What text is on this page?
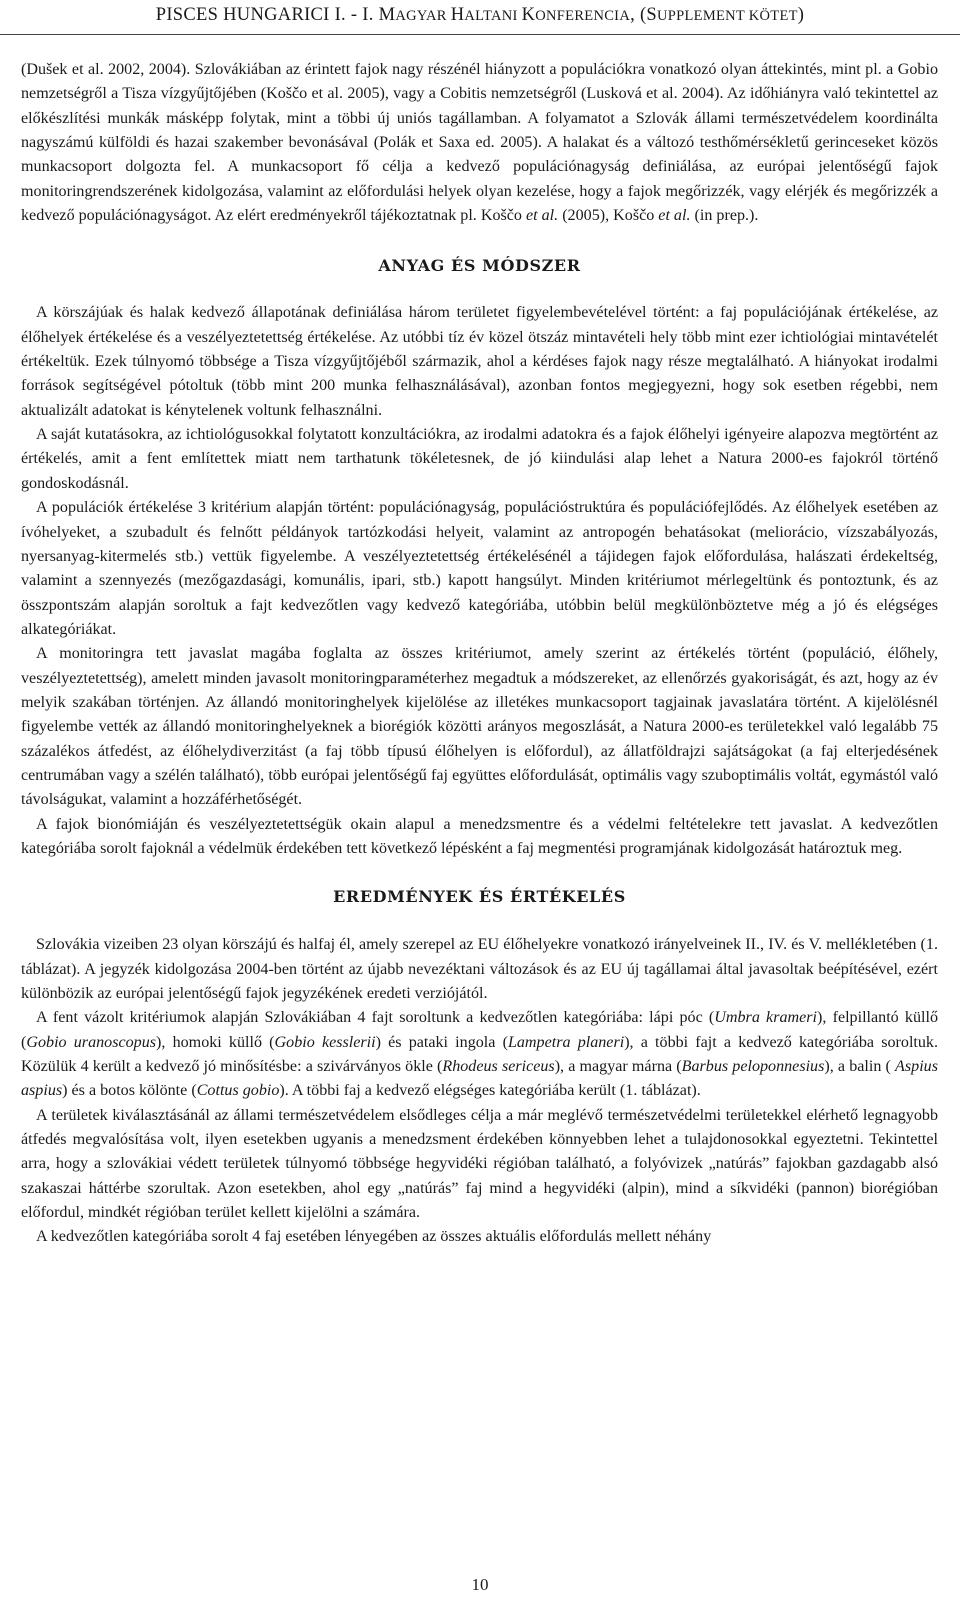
PISCES HUNGARICI I. - I. MAGYAR HALTANI KONFERENCIA, (SUPPLEMENT KÖTET)

(Dušek et al. 2002, 2004). Szlovákiában az érintett fajok nagy részénél hiányzott a populációkra vonatkozó olyan áttekintés, mint pl. a Gobio nemzetségről a Tisza vízgyűjtőjében (Koščo et al. 2005), vagy a Cobitis nemzetségről (Lusková et al. 2004). Az időhiányra való tekintettel az előkészlítési munkák másképp folytak, mint a többi új uniós tagállamban. A folyamatot a Szlovák állami természetvédelem koordinálta nagyszámú külföldi és hazai szakember bevonásával (Polák et Saxa ed. 2005). A halakat és a változó testhőmérsékletű gerinceseket közös munkacsoport dolgozta fel. A munkacsoport fő célja a kedvező populációnagyság definiálása, az európai jelentőségű fajok monitoringrendszerének kidolgozása, valamint az előfordulási helyek olyan kezelése, hogy a fajok megőrizzék, vagy elérjék és megőrizzék a kedvező populációnagyságot. Az elért eredményekről tájékoztatnak pl. Koščo et al. (2005), Koščo et al. (in prep.).

ANYAG ÉS MÓDSZER

A körszájúak és halak kedvező állapotának definiálása három területet figyelembevételével történt: a faj populációjának értékelése, az élőhelyek értékelése és a veszélyeztetettség értékelése. Az utóbbi tíz év közel ötszáz mintavételi hely több mint ezer ichtiológiai mintavételét értékeltük. Ezek túlnyomó többsége a Tisza vízgyűjtőjéből származik, ahol a kérdéses fajok nagy része megtalálható. A hiányokat irodalmi források segítségével pótoltuk (több mint 200 munka felhasználásával), azonban fontos megjegyezni, hogy sok esetben régebbi, nem aktualizált adatokat is kénytelenek voltunk felhasználni.

A saját kutatásokra, az ichtiológusokkal folytatott konzultációkra, az irodalmi adatokra és a fajok élőhelyi igényeire alapozva megtörtént az értékelés, amit a fent említettek miatt nem tarthatunk tökéletesnek, de jó kiindulási alap lehet a Natura 2000-es fajokról történő gondoskodásnál.

A populációk értékelése 3 kritérium alapján történt: populációnagyság, populációstruktúra és populációfejlődés. Az élőhelyek esetében az ívóhelyeket, a szubadult és felnőtt példányok tartózkodási helyeit, valamint az antropogén behatásokat (meliorácio, vízszabályozás, nyersanyag-kitermelés stb.) vettük figyelembe. A veszélyeztetettség értékelésénél a tájidegen fajok előfordulása, halászati érdekeltség, valamint a szennyezés (mezőgazdasági, komunális, ipari, stb.) kapott hangsúlyt. Minden kritériumot mérlegeltünk és pontoztunk, és az összpontszám alapján soroltuk a fajt kedvezőtlen vagy kedvező kategóriába, utóbbin belül megkülönböztetve még a jó és elégséges alkategóriákat.

A monitoringra tett javaslat magába foglalta az összes kritériumot, amely szerint az értékelés történt (populáció, élőhely, veszélyeztetettség), amelett minden javasolt monitoringparaméterhez megadtuk a módszereket, az ellenőrzés gyakoriságát, és azt, hogy az év melyik szakában történjen. Az állandó monitoringhelyek kijelölése az illetékes munkacsoport tagjainak javaslatára történt. A kijelölésnél figyelembe vették az állandó monitoringhelyeknek a biorégiók közötti arányos megoszlását, a Natura 2000-es területekkel való legalább 75 százalékos átfedést, az élőhelydiverzitást (a faj több típusú élőhelyen is előfordul), az állatföldrajzi sajátságokat (a faj elterjedésének centrumában vagy a szélén található), több európai jelentőségű faj együttes előfordulását, optimális vagy szuboptimális voltát, egymástól való távolságukat, valamint a hozzáférhetőségét.

A fajok bionómiáján és veszélyeztetettségük okain alapul a menedzsmentre és a védelmi feltételekre tett javaslat. A kedvezőtlen kategóriába sorolt fajoknál a védelmük érdekében tett következő lépésként a faj megmentési programjának kidolgozását határoztuk meg.

EREDMÉNYEK ÉS ÉRTÉKELÉS

Szlovákia vizeiben 23 olyan körszájú és halfaj él, amely szerepel az EU élőhelyekre vonatkozó irányelveinek II., IV. és V. mellékletében (1. táblázat). A jegyzék kidolgozása 2004-ben történt az újabb nevezéktani változások és az EU új tagállamai által javasoltak beépítésével, ezért különbözik az európai jelentőségű fajok jegyzékének eredeti verziójától.

A fent vázolt kritériumok alapján Szlovákiában 4 fajt soroltunk a kedvezőtlen kategóriába: lápi póc (Umbra krameri), felpillantó küllő (Gobio uranoscopus), homoki küllő (Gobio kesslerii) és pataki ingola (Lampetra planeri), a többi fajt a kedvező kategóriába soroltuk. Közülük 4 került a kedvező jó minősítésbe: a szivárványos ökle (Rhodeus sericeus), a magyar márna (Barbus peloponnesius), a balin ( Aspius aspius) és a botos kölönte (Cottus gobio). A többi faj a kedvező elégséges kategóriába került (1. táblázat).

A területek kiválasztásánál az állami természetvédelem elsődleges célja a már meglévő természetvédelmi területekkel elérhető legnagyobb átfedés megvalósítása volt, ilyen esetekben ugyanis a menedzsment érdekében könnyebben lehet a tulajdonosokkal egyeztetni. Tekintettel arra, hogy a szlovákiai védett területek túlnyomó többsége hegyvidéki régióban található, a folyóvizek „natúrás” fajokban gazdagabb alsó szakaszai háttérbe szorultak. Azon esetekben, ahol egy „natúrás” faj mind a hegyvidéki (alpin), mind a síkvidéki (pannon) biorégióban előfordul, mindkét régióban terület kellett kijelölni a számára.

A kedvezőtlen kategóriába sorolt 4 faj esetében lényegében az összes aktuális előfordulás mellett néhány

10
